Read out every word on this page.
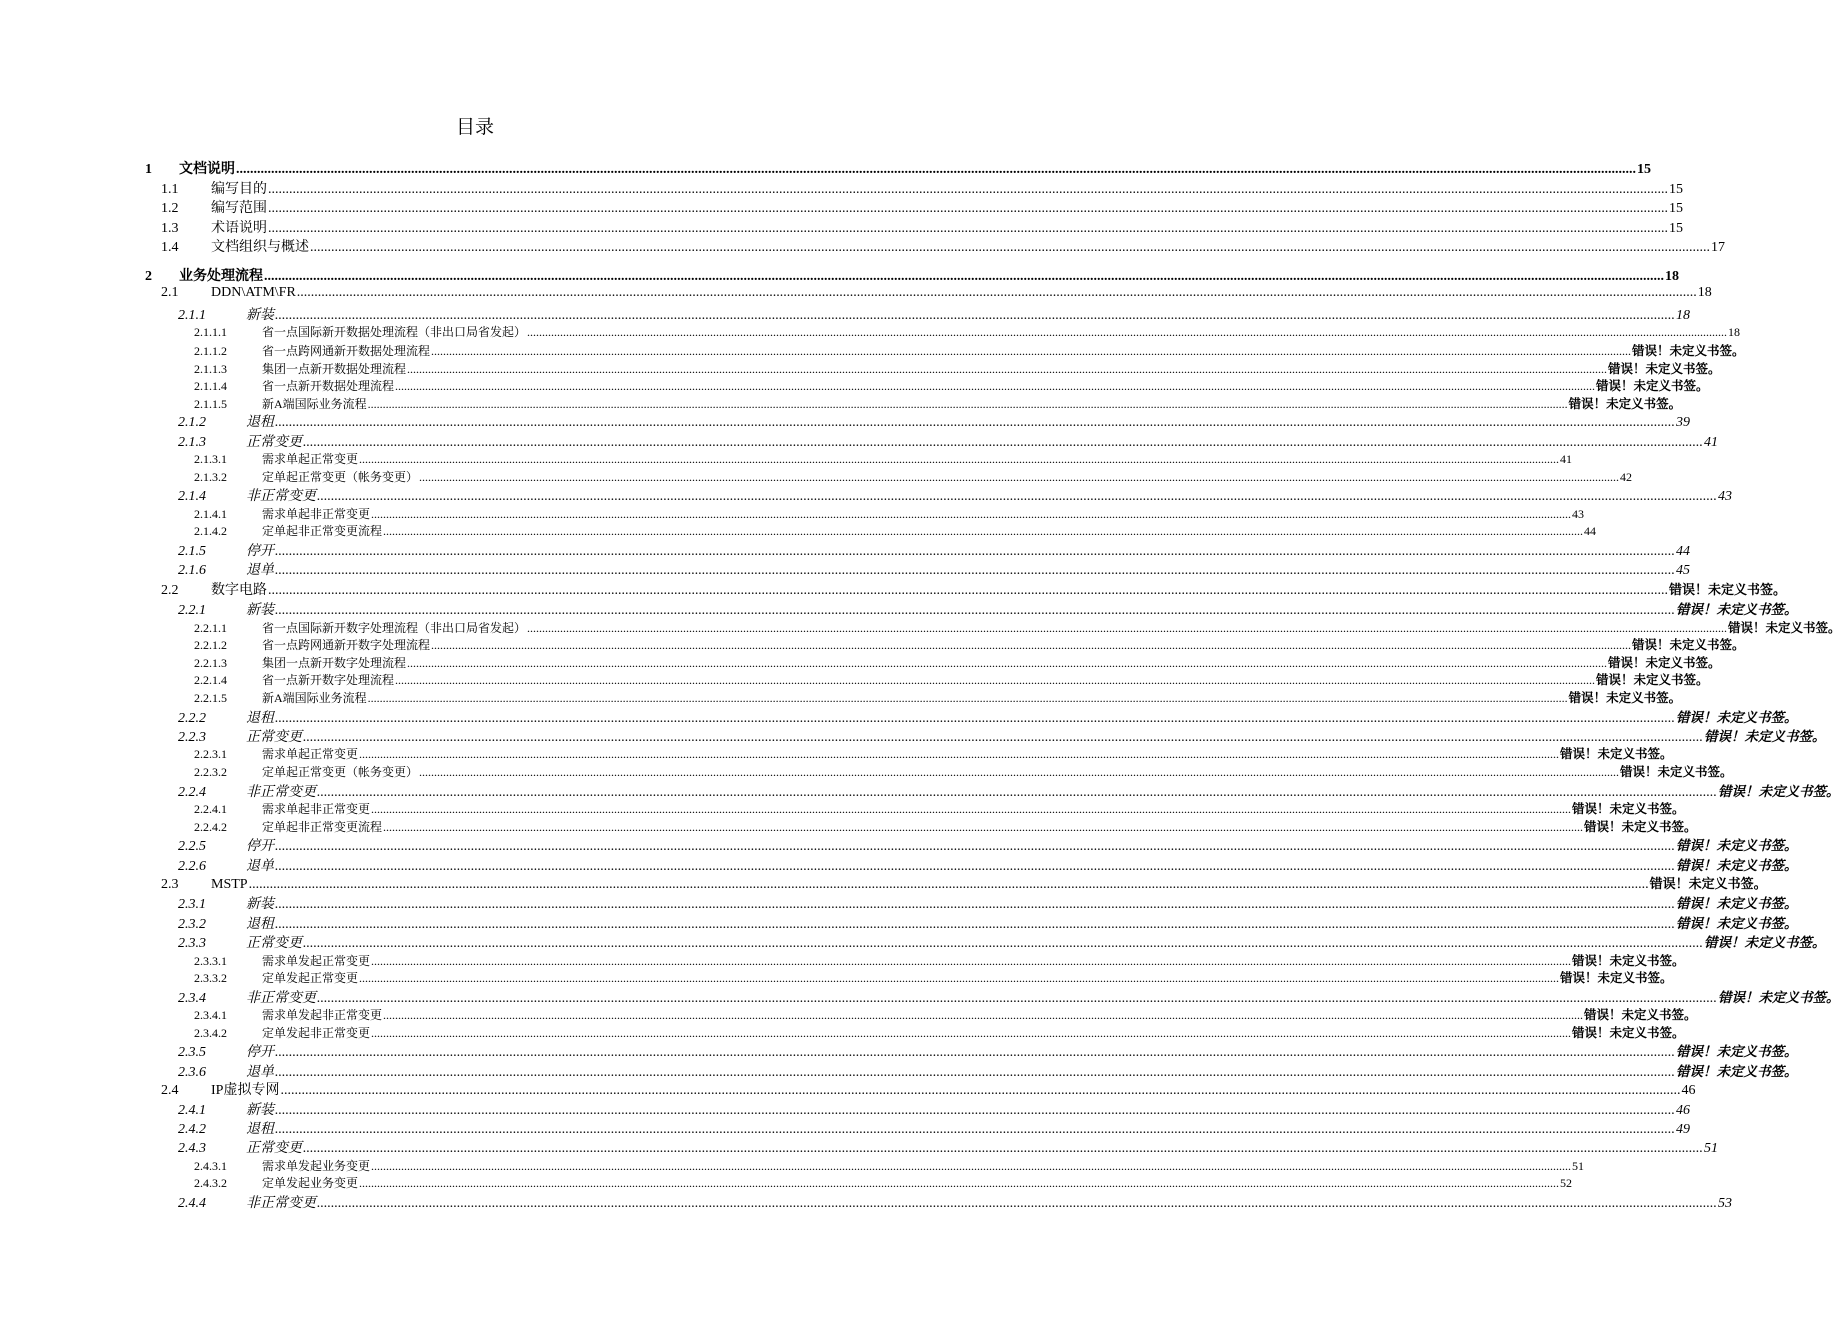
目录
1	文档说明 ................................................................................................................................................................................................................................................................................................................................................................................................................ 15
1.1	编写目的 ................................................................................................................................................................................................................................................................................................................................................................................................................ 15
1.2	编写范围 ................................................................................................................................................................................................................................................................................................................................................................................................................ 15
1.3	术语说明 ................................................................................................................................................................................................................................................................................................................................................................................................................ 15
1.4	文档组织与概述 ................................................................................................................................................................................................................................................................................................................................................................................................................ 17
2	业务处理流程 ................................................................................................................................................................................................................................................................................................................................................................................................................ 18
2.1	DDN\ATM\FR ................................................................................................................................................................................................................................................................................................................................................................................................................ 18
2.1.1	新装 ................................................................................................................................................................................................................................................................................................................................................................................................................ 18
2.1.1.1	省一点国际新开数据处理流程（非出口局省发起） ................................................................................................................................................................................................................................................................................................................................................................................................................ 18
2.1.1.2	省一点跨网通新开数据处理流程 ................................................................................................................................................................................................................................................................................................................................................................................................................ 错误！未定义书签。
2.1.1.3	集团一点新开数据处理流程 ................................................................................................................................................................................................................................................................................................................................................................................................................ 错误！未定义书签。
2.1.1.4	省一点新开数据处理流程 ................................................................................................................................................................................................................................................................................................................................................................................................................ 错误！未定义书签。
2.1.1.5	新A端国际业务流程 ................................................................................................................................................................................................................................................................................................................................................................................................................ 错误！未定义书签。
2.1.2	退租 ................................................................................................................................................................................................................................................................................................................................................................................................................ 39
2.1.3	正常变更 ................................................................................................................................................................................................................................................................................................................................................................................................................ 41
2.1.3.1	需求单起正常变更 ................................................................................................................................................................................................................................................................................................................................................................................................................ 41
2.1.3.2	定单起正常变更（帐务变更） ................................................................................................................................................................................................................................................................................................................................................................................................................ 42
2.1.4	非正常变更 ................................................................................................................................................................................................................................................................................................................................................................................................................ 43
2.1.4.1	需求单起非正常变更 ................................................................................................................................................................................................................................................................................................................................................................................................................ 43
2.1.4.2	定单起非正常变更流程 ................................................................................................................................................................................................................................................................................................................................................................................................................ 44
2.1.5	停开 ................................................................................................................................................................................................................................................................................................................................................................................................................ 44
2.1.6	退单 ................................................................................................................................................................................................................................................................................................................................................................................................................ 45
2.2	数字电路 ................................................................................................................................................................................................................................................................................................................................................................................................................ 错误！未定义书签。
2.2.1	新装 ................................................................................................................................................................................................................................................................................................................................................................................................................ 错误！未定义书签。
2.2.1.1	省一点国际新开数字处理流程（非出口局省发起） ................................................................................................................................................................................................................................................................................................................................................................................................................ 错误！未定义书签。
2.2.1.2	省一点跨网通新开数字处理流程 ................................................................................................................................................................................................................................................................................................................................................................................................................ 错误！未定义书签。
2.2.1.3	集团一点新开数字处理流程 ................................................................................................................................................................................................................................................................................................................................................................................................................ 错误！未定义书签。
2.2.1.4	省一点新开数字处理流程 ................................................................................................................................................................................................................................................................................................................................................................................................................ 错误！未定义书签。
2.2.1.5	新A端国际业务流程 ................................................................................................................................................................................................................................................................................................................................................................................................................ 错误！未定义书签。
2.2.2	退租 ................................................................................................................................................................................................................................................................................................................................................................................................................ 错误！未定义书签。
2.2.3	正常变更 ................................................................................................................................................................................................................................................................................................................................................................................................................ 错误！未定义书签。
2.2.3.1	需求单起正常变更 ................................................................................................................................................................................................................................................................................................................................................................................................................ 错误！未定义书签。
2.2.3.2	定单起正常变更（帐务变更） ................................................................................................................................................................................................................................................................................................................................................................................................................ 错误！未定义书签。
2.2.4	非正常变更 ................................................................................................................................................................................................................................................................................................................................................................................................................ 错误！未定义书签。
2.2.4.1	需求单起非正常变更 ................................................................................................................................................................................................................................................................................................................................................................................................................ 错误！未定义书签。
2.2.4.2	定单起非正常变更流程 ................................................................................................................................................................................................................................................................................................................................................................................................................ 错误！未定义书签。
2.2.5	停开 ................................................................................................................................................................................................................................................................................................................................................................................................................ 错误！未定义书签。
2.2.6	退单 ................................................................................................................................................................................................................................................................................................................................................................................................................ 错误！未定义书签。
2.3	MSTP ................................................................................................................................................................................................................................................................................................................................................................................................................ 错误！未定义书签。
2.3.1	新装 ................................................................................................................................................................................................................................................................................................................................................................................................................ 错误！未定义书签。
2.3.2	退租 ................................................................................................................................................................................................................................................................................................................................................................................................................ 错误！未定义书签。
2.3.3	正常变更 ................................................................................................................................................................................................................................................................................................................................................................................................................ 错误！未定义书签。
2.3.3.1	需求单发起正常变更 ................................................................................................................................................................................................................................................................................................................................................................................................................ 错误！未定义书签。
2.3.3.2	定单发起正常变更 ................................................................................................................................................................................................................................................................................................................................................................................................................ 错误！未定义书签。
2.3.4	非正常变更 ................................................................................................................................................................................................................................................................................................................................................................................................................ 错误！未定义书签。
2.3.4.1	需求单发起非正常变更 ................................................................................................................................................................................................................................................................................................................................................................................................................ 错误！未定义书签。
2.3.4.2	定单发起非正常变更 ................................................................................................................................................................................................................................................................................................................................................................................................................ 错误！未定义书签。
2.3.5	停开 ................................................................................................................................................................................................................................................................................................................................................................................................................ 错误！未定义书签。
2.3.6	退单 ................................................................................................................................................................................................................................................................................................................................................................................................................ 错误！未定义书签。
2.4	IP虚拟专网 ................................................................................................................................................................................................................................................................................................................................................................................................................ 46
2.4.1	新装 ................................................................................................................................................................................................................................................................................................................................................................................................................ 46
2.4.2	退租 ................................................................................................................................................................................................................................................................................................................................................................................................................ 49
2.4.3	正常变更 ................................................................................................................................................................................................................................................................................................................................................................................................................ 51
2.4.3.1	需求单发起业务变更 ................................................................................................................................................................................................................................................................................................................................................................................................................ 51
2.4.3.2	定单发起业务变更 ................................................................................................................................................................................................................................................................................................................................................................................................................ 52
2.4.4	非正常变更 ................................................................................................................................................................................................................................................................................................................................................................................................................ 53
